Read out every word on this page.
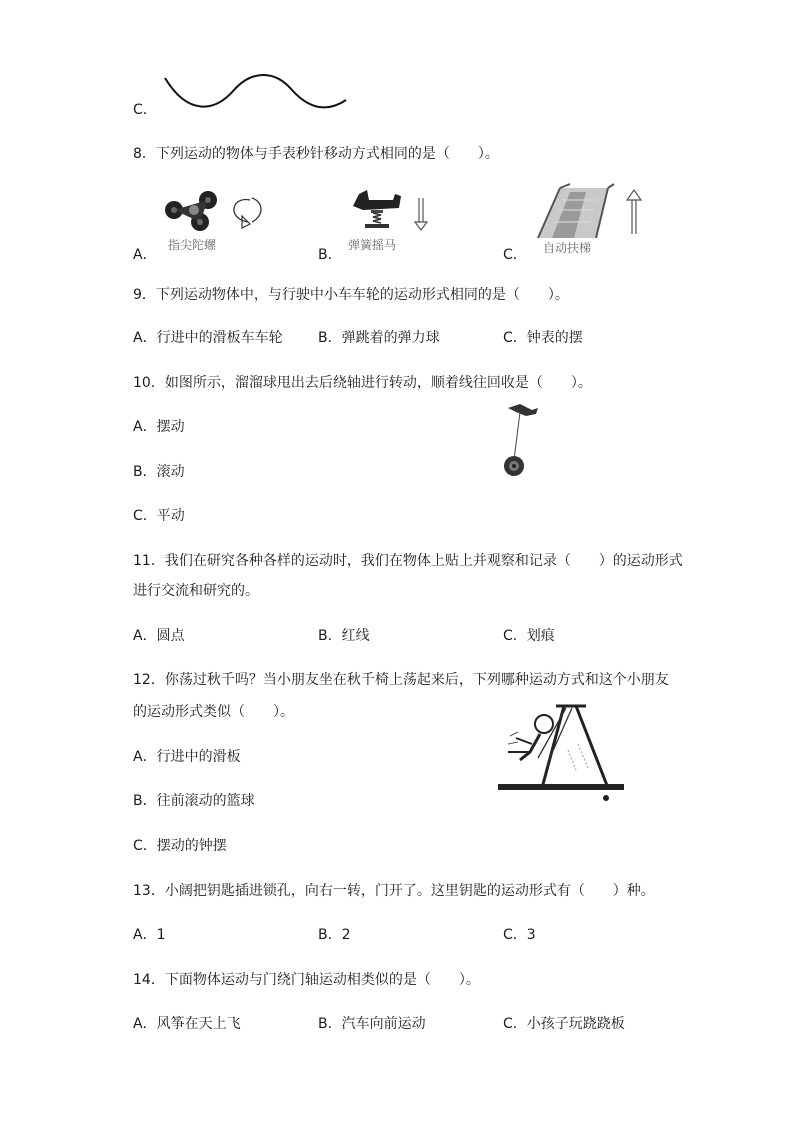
C．
8．下列运动的物体与手表秒针移动方式相同的是（　　）。
A．
指尖陀螺
B．
弹簧摇马
C． 自动扶梯
9．下列运动物体中，与行驶中小车车轮的运动形式相同的是（　　）。
A．行进中的滑板车车轮	B．弹跳着的弹力球	C．钟表的摆
10．如图所示，溜溜球甩出去后绕轴进行转动，顺着线往回收是（　　）。
A．摆动
B．滚动
C．平动
11．我们在研究各种各样的运动时，我们在物体上贴上并观察和记录（　　）的运动形式
进行交流和研究的。
A．圆点	B．红线	C．划痕
12．你荡过秋千吗？当小朋友坐在秋千椅上荡起来后，下列哪种运动方式和这个小朋友
的运动形式类似（　　）。
A．行进中的滑板
B．往前滚动的篮球
C．摆动的钟摆
13．小阔把钥匙插进锁孔，向右一转，门开了。这里钥匙的运动形式有（　　）种。
A．1	B．2	C．3
14．下面物体运动与门绕门轴运动相类似的是（　　）。
A．风筝在天上飞	B．汽车向前运动	C．小孩子玩跷跷板
